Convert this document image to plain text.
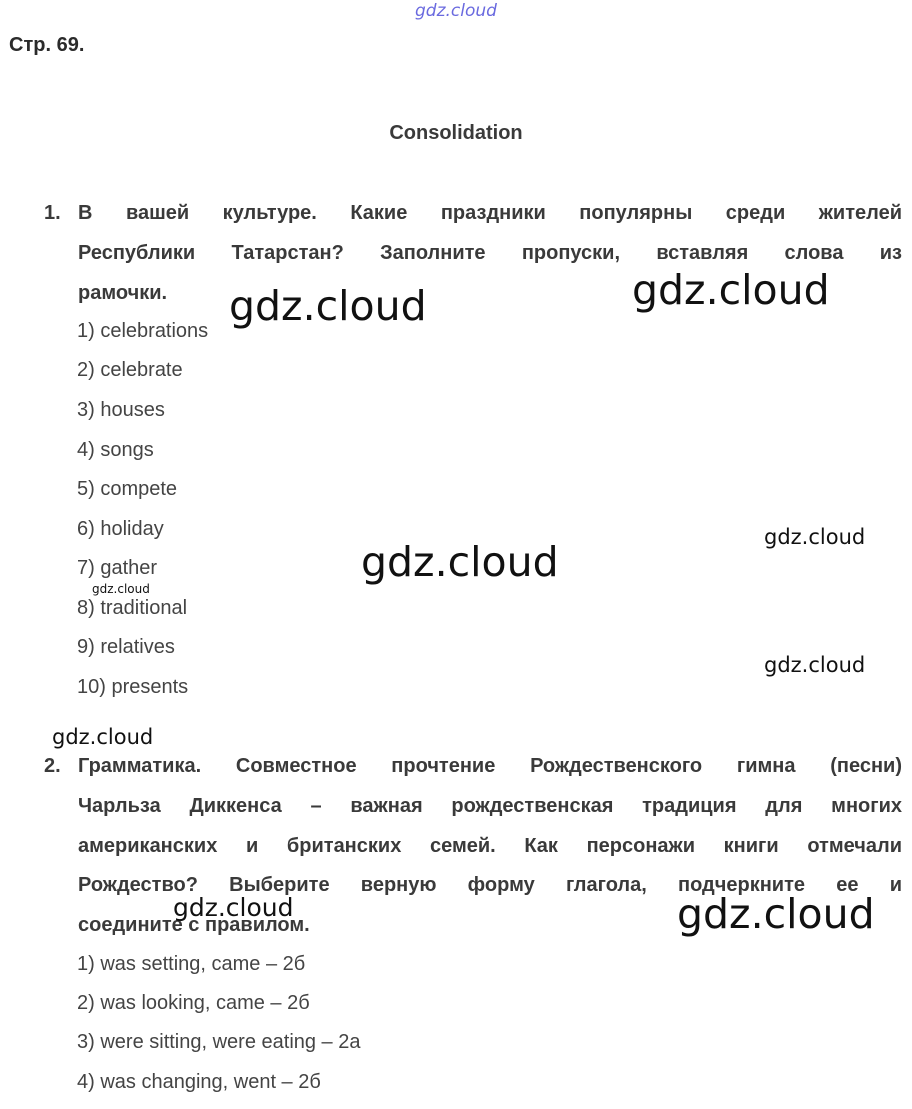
gdz.cloud
Стр. 69.
Consolidation
1. В вашей культуре. Какие праздники популярны среди жителей
Республики Татарстан? Заполните пропуски, вставляя слова из
рамочки.
1) celebrations
2) celebrate
3) houses
4) songs
5) compete
6) holiday
7) gather
8) traditional
9) relatives
10) presents
2. Грамматика. Совместное прочтение Рождественского гимна (песни)
Чарльза Диккенса – важная рождественская традиция для многих
американских и британских семей. Как персонажи книги отмечали
Рождество? Выберите верную форму глагола, подчеркните ее и
соедините с правилом.
1) was setting, came – 2б
2) was looking, came – 2б
3) were sitting, were eating – 2а
4) was changing, went – 2б
gdz.cloud	gdz.cloud
gdz.cloud
gdz.cloud
gdz.cloud
gdz.cloud
gdz.cloud
gdz.cloud
gdz.cloud
